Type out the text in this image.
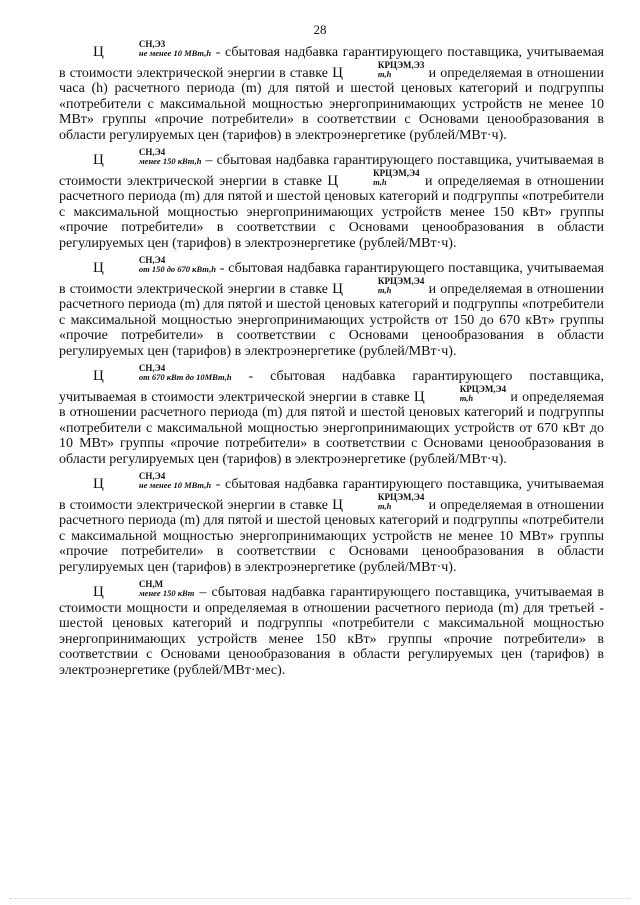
28

Ц	СН,Э3
не менее 10 МВт,h - сбытовая надбавка гарантирующего поставщика, учитываемая в стоимости электрической энергии в ставке Ц	КРЦЭМ,Э3
m,h	и определяемая в отношении часа (h) расчетного периода (m) для пятой и шестой ценовых категорий и подгруппы «потребители с максимальной мощностью энергопринимающих устройств не менее 10 МВт» группы «прочие потребители» в соответствии с Основами ценообразования в области регулируемых цен (тарифов) в электроэнергетике (рублей/МВт·ч).

Ц	СН,Э4
менее 150 кВт,h – сбытовая надбавка гарантирующего поставщика, учитываемая в стоимости электрической энергии в ставке Ц	КРЦЭМ,Э4
m,h	и определяемая в отношении расчетного периода (m) для пятой и шестой ценовых категорий и подгруппы «потребители с максимальной мощностью энергопринимающих устройств менее 150 кВт» группы «прочие потребители» в соответствии с Основами ценообразования в области регулируемых цен (тарифов) в электроэнергетике (рублей/МВт·ч).

Ц	СН,Э4
от 150 до 670 кВт,h - сбытовая надбавка гарантирующего поставщика, учитываемая в стоимости электрической энергии в ставке Ц	КРЦЭМ,Э4
m,h	и определяемая в отношении расчетного периода (m) для пятой и шестой ценовых категорий и подгруппы «потребители с максимальной мощностью энергопринимающих устройств от 150 до 670 кВт» группы «прочие потребители» в соответствии с Основами ценообразования в области регулируемых цен (тарифов) в электроэнергетике (рублей/МВт·ч).

Ц	СН,Э4
от 670 кВт до 10МВт,h - сбытовая надбавка гарантирующего поставщика, учитываемая в стоимости электрической энергии в ставке Ц	КРЦЭМ,Э4
m,h	и определяемая в отношении расчетного периода (m) для пятой и шестой ценовых категорий и подгруппы «потребители с максимальной мощностью энергопринимающих устройств от 670 кВт до 10 МВт» группы «прочие потребители» в соответствии с Основами ценообразования в области регулируемых цен (тарифов) в электроэнергетике (рублей/МВт·ч).

Ц	СН,Э4
не менее 10 МВт,h - сбытовая надбавка гарантирующего поставщика, учитываемая в стоимости электрической энергии в ставке Ц	КРЦЭМ,Э4
m,h	и определяемая в отношении расчетного периода (m) для пятой и шестой ценовых категорий и подгруппы «потребители с максимальной мощностью энергопринимающих устройств не менее 10 МВт» группы «прочие потребители» в соответствии с Основами ценообразования в области регулируемых цен (тарифов) в электроэнергетике (рублей/МВт·ч).

Ц	СН,М
менее 150 кВт – сбытовая надбавка гарантирующего поставщика, учитываемая в стоимости мощности и определяемая в отношении расчетного периода (m) для третьей - шестой ценовых категорий и подгруппы «потребители с максимальной мощностью энергопринимающих устройств менее 150 кВт» группы «прочие потребители» в соответствии с Основами ценообразования в области регулируемых цен (тарифов) в электроэнергетике (рублей/МВт·мес).
